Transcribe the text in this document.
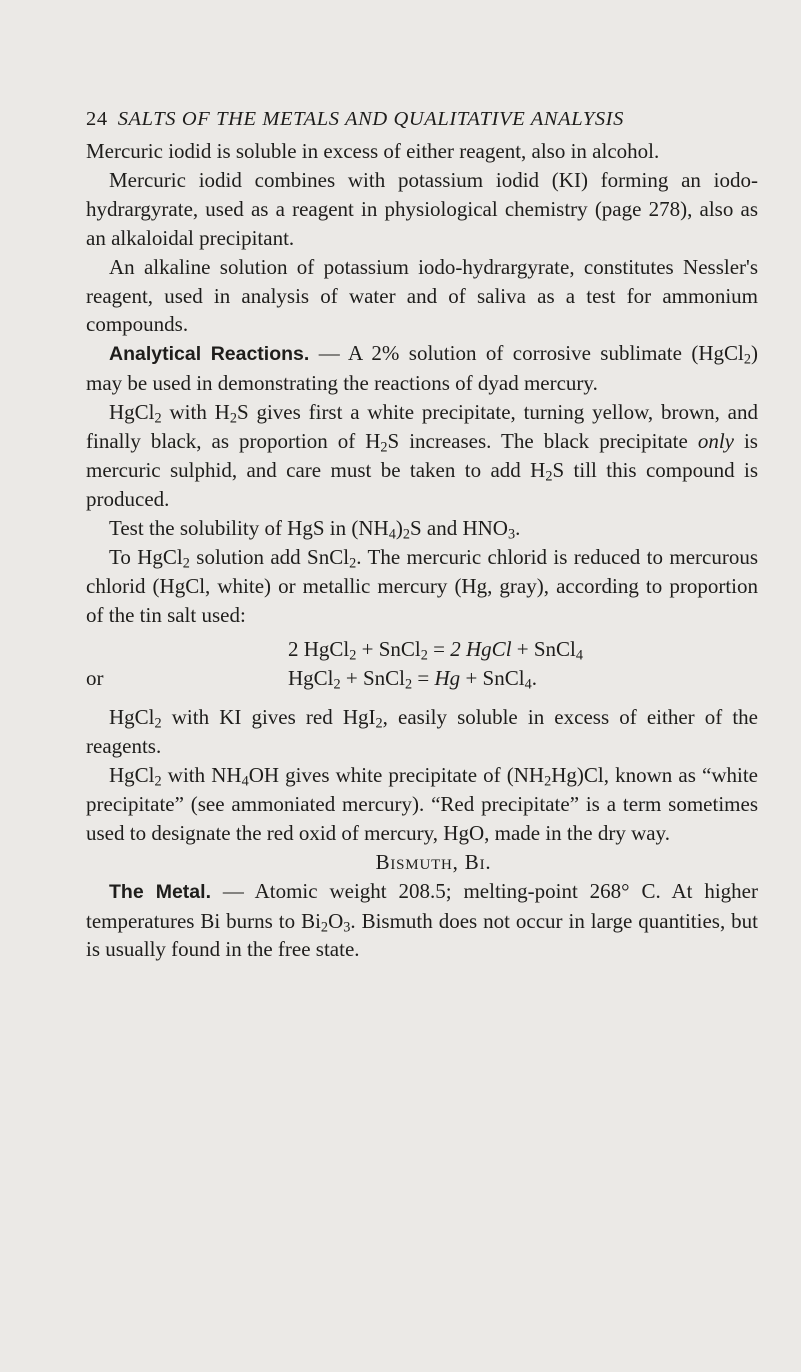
24 SALTS OF THE METALS AND QUALITATIVE ANALYSIS

Mercuric iodid is soluble in excess of either reagent, also in alcohol.

Mercuric iodid combines with potassium iodid (KI) forming an iodo-hydrargyrate, used as a reagent in physiological chemistry (page 278), also as an alkaloidal precipitant.

An alkaline solution of potassium iodo-hydrargyrate, constitutes Nessler's reagent, used in analysis of water and of saliva as a test for ammonium compounds.

Analytical Reactions. — A 2% solution of corrosive sublimate (HgCl$_2$) may be used in demonstrating the reactions of dyad mercury.

HgCl$_2$ with $H_2S$ gives first a white precipitate, turning yellow, brown, and finally black, as proportion of $H_2S$ increases. The black precipitate only is mercuric sulphid, and care must be taken to add $H_2S$ till this compound is produced.

Test the solubility of HgS in $(NH_4)_2S$ and $HNO_3$.

To HgCl$_2$ solution add SnCl$_2$. The mercuric chlorid is reduced to mercurous chlorid (HgCl, white) or metallic mercury (Hg, gray), according to proportion of the tin salt used:

2 HgCl$_2$ + SnCl$_2$ = 2 HgCl + SnCl$_4$
or	HgCl$_2$ + SnCl$_2$ = Hg + SnCl$_4$.

HgCl$_2$ with KI gives red HgI$_2$, easily soluble in excess of either of the reagents.

HgCl$_2$ with $NH_4OH$ gives white precipitate of $(NH_2Hg)Cl$, known as “white precipitate” (see ammoniated mercury). “Red precipitate” is a term sometimes used to designate the red oxid of mercury, HgO, made in the dry way.

Bismuth, Bi.

The Metal. — Atomic weight 208.5; melting-point 268° C. At higher temperatures Bi burns to $Bi_2O_3$. Bismuth does not occur in large quantities, but is usually found in the free state.
